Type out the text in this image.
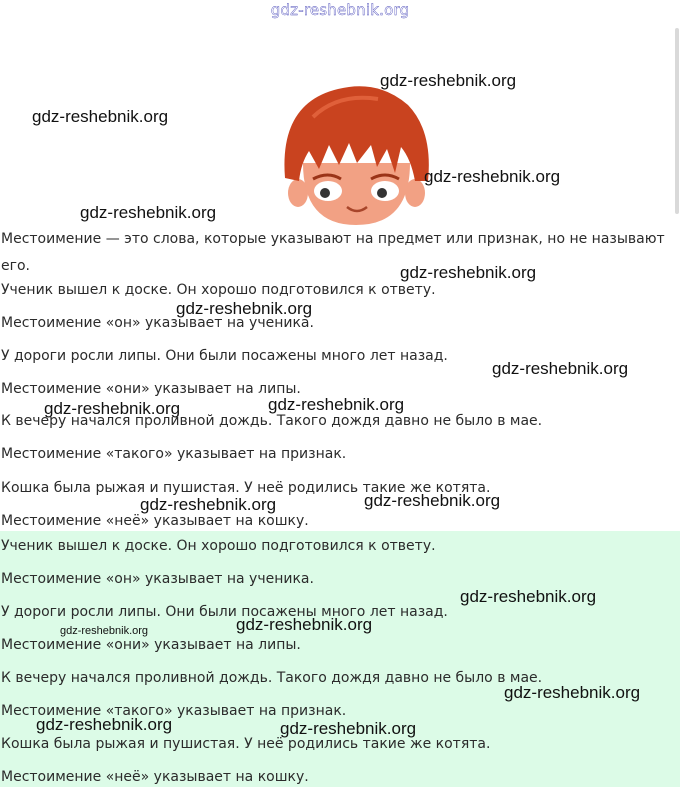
gdz-reshebnik.org
Местоимение — это слова, которые указывают на предмет или признак, но не называют его.
Ученик вышел к доске. Он хорошо подготовился к ответу.
Местоимение «он» указывает на ученика.
У дороги росли липы. Они были посажены много лет назад.
Местоимение «они» указывает на липы.
К вечеру начался проливной дождь. Такого дождя давно не было в мае.
Местоимение «такого» указывает на признак.
Кошка была рыжая и пушистая. У неё родились такие же котята.
Местоимение «неё» указывает на кошку.
Ученик вышел к доске. Он хорошо подготовился к ответу.
Местоимение «он» указывает на ученика.
У дороги росли липы. Они были посажены много лет назад.
Местоимение «они» указывает на липы.
К вечеру начался проливной дождь. Такого дождя давно не было в мае.
Местоимение «такого» указывает на признак.
Кошка была рыжая и пушистая. У неё родились такие же котята.
Местоимение «неё» указывает на кошку.
gdz-reshebnik.org
gdz-reshebnik.org
gdz-reshebnik.org
gdz-reshebnik.org
gdz-reshebnik.org
gdz-reshebnik.org
gdz-reshebnik.org
gdz-reshebnik.org
gdz-reshebnik.org
gdz-reshebnik.org
gdz-reshebnik.org
gdz-reshebnik.org
gdz-reshebnik.org
gdz-reshebnik.org
gdz-reshebnik.org
gdz-reshebnik.org	gdz-reshebnik.org
